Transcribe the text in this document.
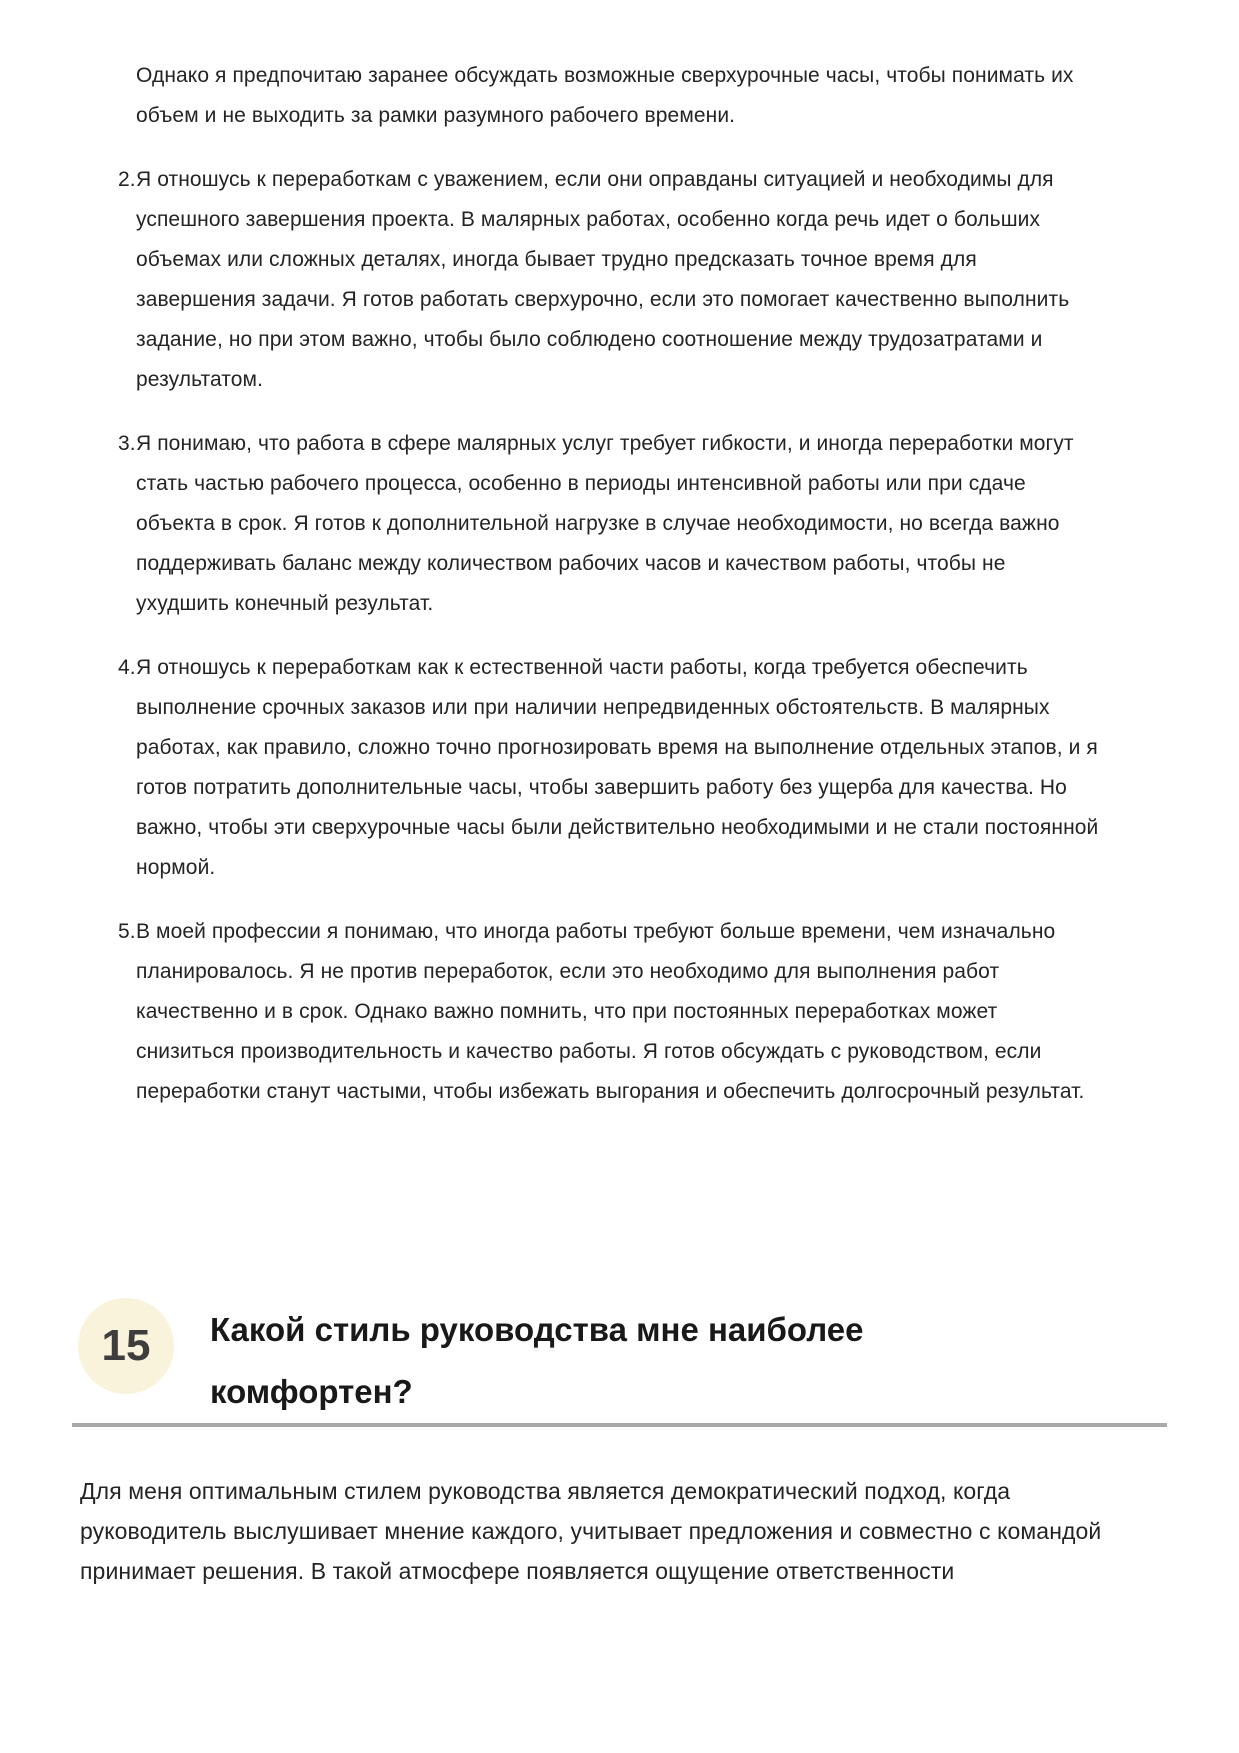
Однако я предпочитаю заранее обсуждать возможные сверхурочные часы, чтобы понимать их объем и не выходить за рамки разумного рабочего времени.

2. Я отношусь к переработкам с уважением, если они оправданы ситуацией и необходимы для успешного завершения проекта. В малярных работах, особенно когда речь идет о больших объемах или сложных деталях, иногда бывает трудно предсказать точное время для завершения задачи. Я готов работать сверхурочно, если это помогает качественно выполнить задание, но при этом важно, чтобы было соблюдено соотношение между трудозатратами и результатом.
3. Я понимаю, что работа в сфере малярных услуг требует гибкости, и иногда переработки могут стать частью рабочего процесса, особенно в периоды интенсивной работы или при сдаче объекта в срок. Я готов к дополнительной нагрузке в случае необходимости, но всегда важно поддерживать баланс между количеством рабочих часов и качеством работы, чтобы не ухудшить конечный результат.
4. Я отношусь к переработкам как к естественной части работы, когда требуется обеспечить выполнение срочных заказов или при наличии непредвиденных обстоятельств. В малярных работах, как правило, сложно точно прогнозировать время на выполнение отдельных этапов, и я готов потратить дополнительные часы, чтобы завершить работу без ущерба для качества. Но важно, чтобы эти сверхурочные часы были действительно необходимыми и не стали постоянной нормой.
5. В моей профессии я понимаю, что иногда работы требуют больше времени, чем изначально планировалось. Я не против переработок, если это необходимо для выполнения работ качественно и в срок. Однако важно помнить, что при постоянных переработках может снизиться производительность и качество работы. Я готов обсуждать с руководством, если переработки станут частыми, чтобы избежать выгорания и обеспечить долгосрочный результат.
15 Какой стиль руководства мне наиболее комфортен?

Для меня оптимальным стилем руководства является демократический подход, когда руководитель выслушивает мнение каждого, учитывает предложения и совместно с командой принимает решения. В такой атмосфере появляется ощущение ответственности
